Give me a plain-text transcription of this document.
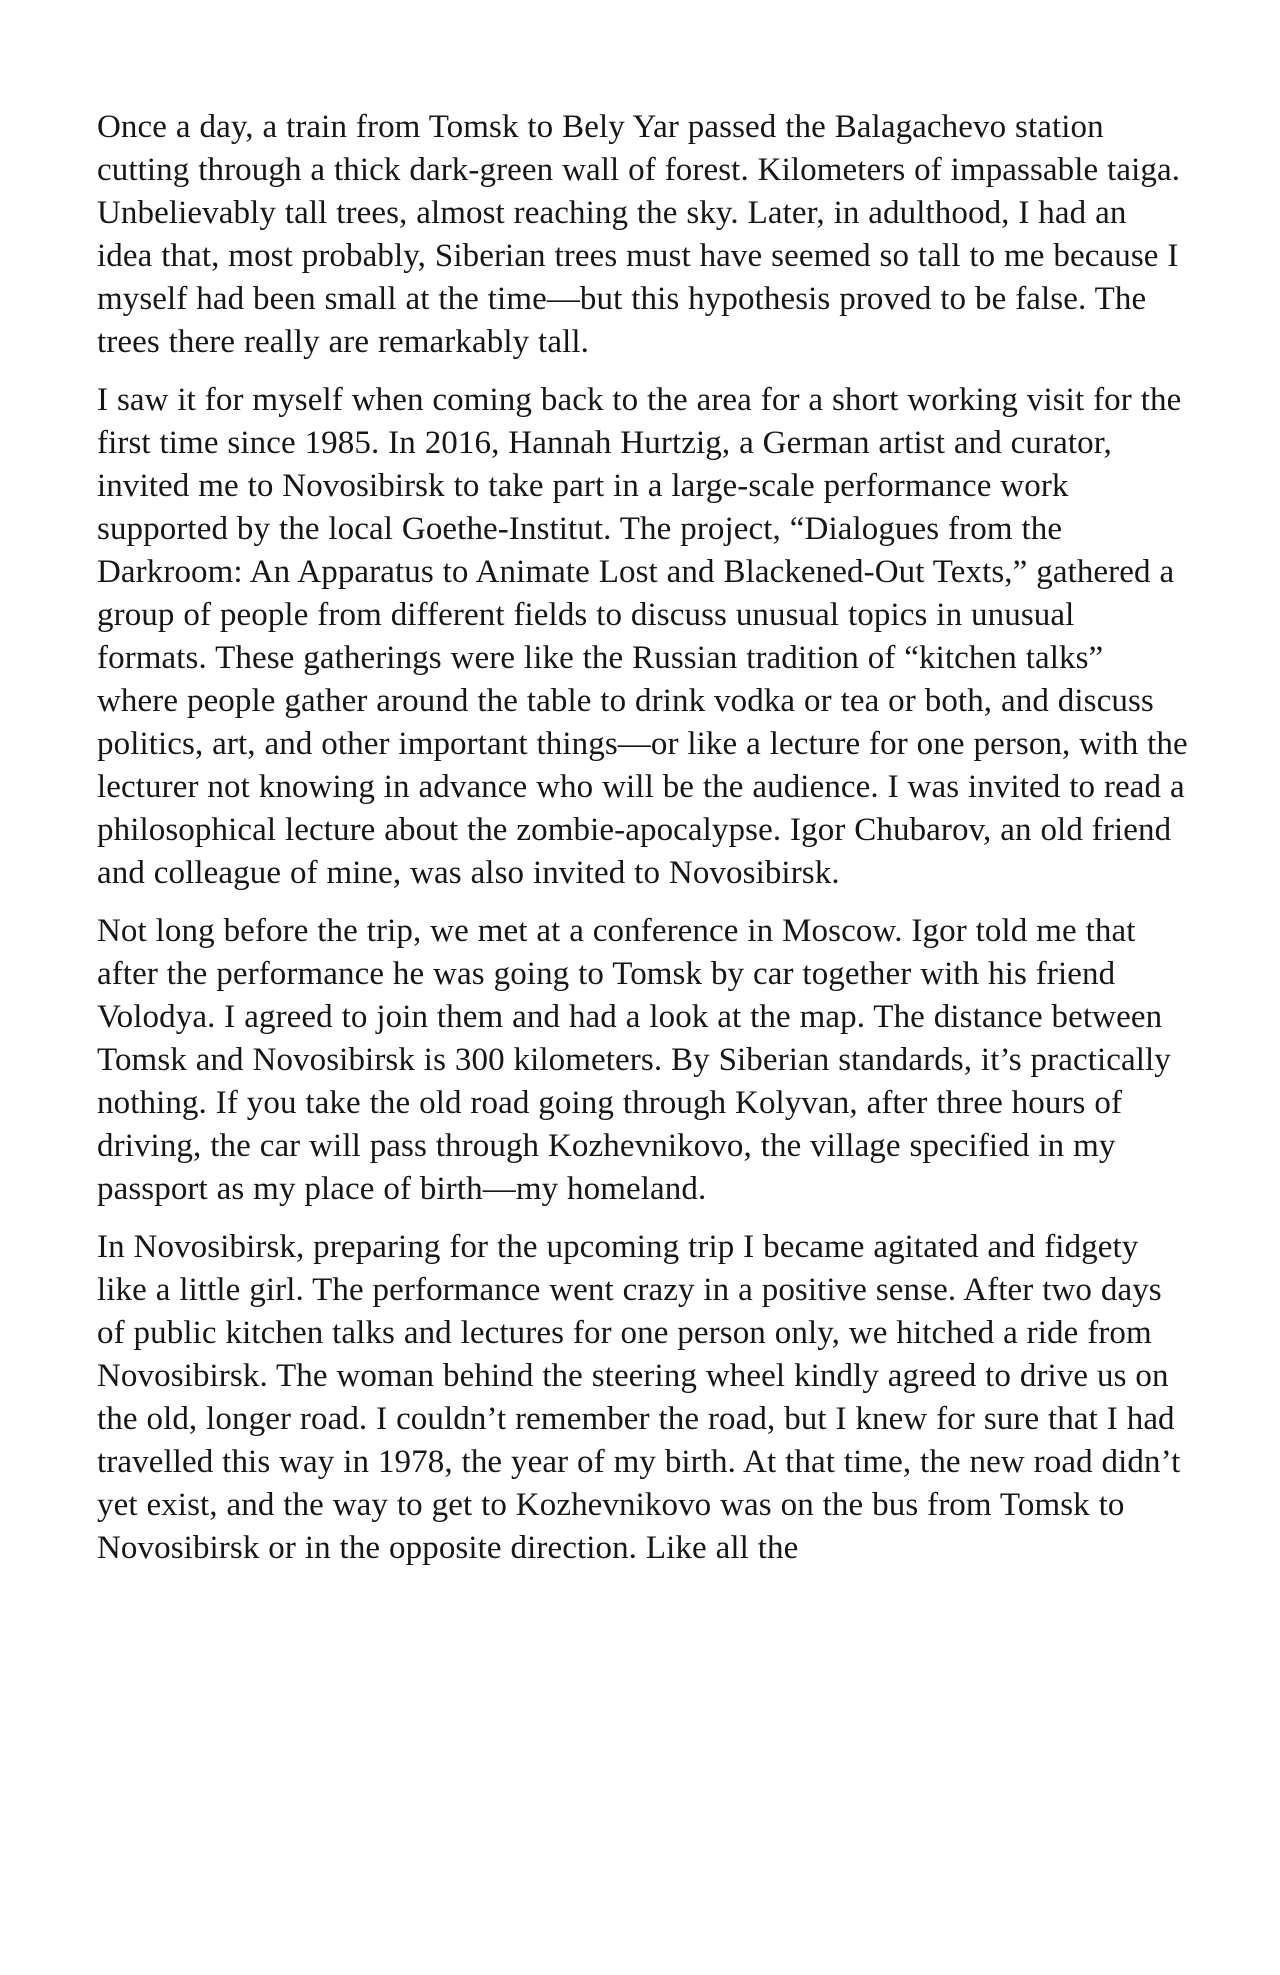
Once a day, a train from Tomsk to Bely Yar passed the Balagachevo station cutting through a thick dark-green wall of forest. Kilometers of impassable taiga. Unbelievably tall trees, almost reaching the sky. Later, in adulthood, I had an idea that, most probably, Siberian trees must have seemed so tall to me because I myself had been small at the time—but this hypothesis proved to be false. The trees there really are remarkably tall.

I saw it for myself when coming back to the area for a short working visit for the first time since 1985. In 2016, Hannah Hurtzig, a German artist and curator, invited me to Novosibirsk to take part in a large-scale performance work supported by the local Goethe-Institut. The project, “Dialogues from the Darkroom: An Apparatus to Animate Lost and Blackened-Out Texts,” gathered a group of people from different fields to discuss unusual topics in unusual formats. These gatherings were like the Russian tradition of “kitchen talks” where people gather around the table to drink vodka or tea or both, and discuss politics, art, and other important things—or like a lecture for one person, with the lecturer not knowing in advance who will be the audience. I was invited to read a philosophical lecture about the zombie-apocalypse. Igor Chubarov, an old friend and colleague of mine, was also invited to Novosibirsk.

Not long before the trip, we met at a conference in Moscow. Igor told me that after the performance he was going to Tomsk by car together with his friend Volodya. I agreed to join them and had a look at the map. The distance between Tomsk and Novosibirsk is 300 kilometers. By Siberian standards, it’s practically nothing. If you take the old road going through Kolyvan, after three hours of driving, the car will pass through Kozhevnikovo, the village specified in my passport as my place of birth—my homeland.

In Novosibirsk, preparing for the upcoming trip I became agitated and fidgety like a little girl. The performance went crazy in a positive sense. After two days of public kitchen talks and lectures for one person only, we hitched a ride from Novosibirsk. The woman behind the steering wheel kindly agreed to drive us on the old, longer road. I couldn’t remember the road, but I knew for sure that I had travelled this way in 1978, the year of my birth. At that time, the new road didn’t yet exist, and the way to get to Kozhevnikovo was on the bus from Tomsk to Novosibirsk or in the opposite direction. Like all the
